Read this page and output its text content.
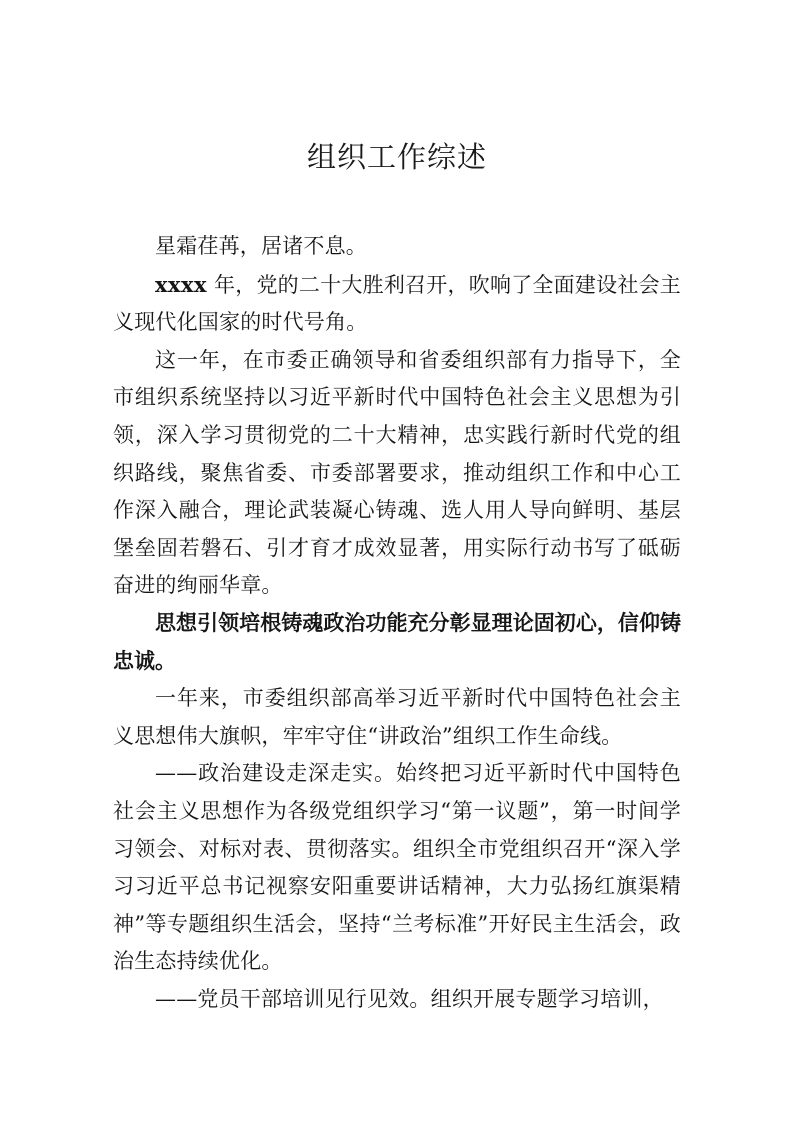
组织工作综述

星霜荏苒，居诸不息。

xxxx 年，党的二十大胜利召开，吹响了全面建设社会主义现代化国家的时代号角。

这一年，在市委正确领导和省委组织部有力指导下，全市组织系统坚持以习近平新时代中国特色社会主义思想为引领，深入学习贯彻党的二十大精神，忠实践行新时代党的组织路线，聚焦省委、市委部署要求，推动组织工作和中心工作深入融合，理论武装凝心铸魂、选人用人导向鲜明、基层堡垒固若磐石、引才育才成效显著，用实际行动书写了砥砺奋进的绚丽华章。

思想引领培根铸魂政治功能充分彰显理论固初心，信仰铸忠诚。

一年来，市委组织部高举习近平新时代中国特色社会主义思想伟大旗帜，牢牢守住“讲政治”组织工作生命线。

——政治建设走深走实。始终把习近平新时代中国特色社会主义思想作为各级党组织学习“第一议题”，第一时间学习领会、对标对表、贯彻落实。组织全市党组织召开“深入学习习近平总书记视察安阳重要讲话精神，大力弘扬红旗渠精神”等专题组织生活会，坚持“兰考标准”开好民主生活会，政治生态持续优化。

——党员干部培训见行见效。组织开展专题学习培训，
